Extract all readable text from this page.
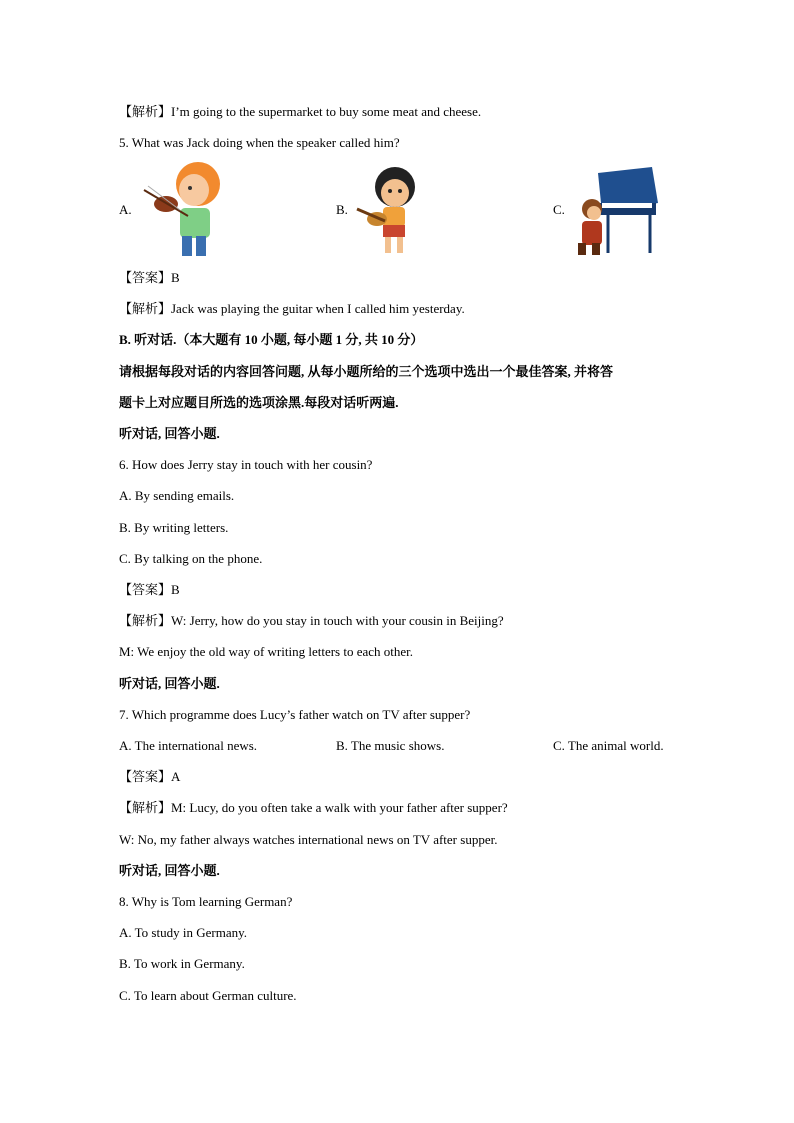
【解析】I’m going to the supermarket to buy some meat and cheese.
5. What was Jack doing when the speaker called him?
A.	B.	C.
【答案】B
【解析】Jack was playing the guitar when I called him yesterday.
B. 听对话.（本大题有 10 小题, 每小题 1 分, 共 10 分）
请根据每段对话的内容回答问题, 从每小题所给的三个选项中选出一个最佳答案, 并将答
题卡上对应题目所选的选项涂黑.每段对话听两遍.
听对话, 回答小题.
6. How does Jerry stay in touch with her cousin?
A. By sending emails.
B. By writing letters.
C. By talking on the phone.
【答案】B
【解析】W: Jerry, how do you stay in touch with your cousin in Beijing?
M: We enjoy the old way of writing letters to each other.
听对话, 回答小题.
7. Which programme does Lucy’s father watch on TV after supper?
A. The international news.	B. The music shows.	C. The animal world.
【答案】A
【解析】M: Lucy, do you often take a walk with your father after supper?
W: No, my father always watches international news on TV after supper.
听对话, 回答小题.
8. Why is Tom learning German?
A. To study in Germany.
B. To work in Germany.
C. To learn about German culture.
